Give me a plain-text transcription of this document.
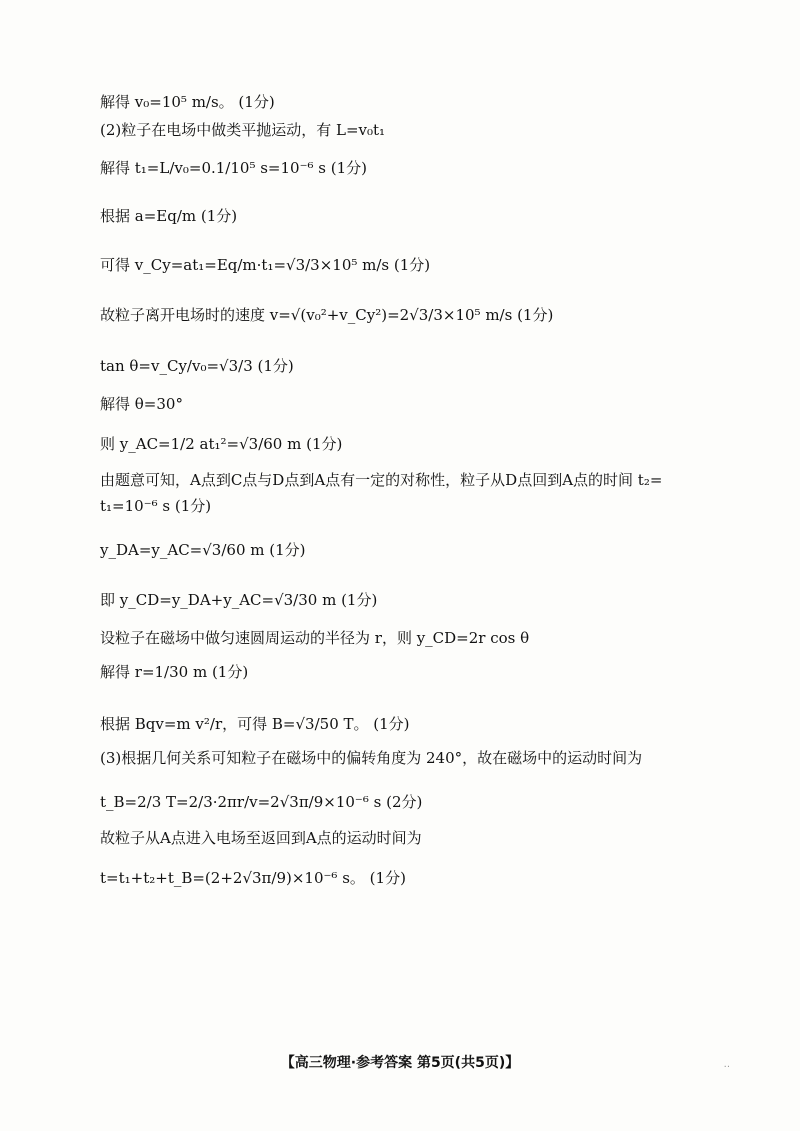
解得 v₀=10⁵ m/s。 (1分)
(2)粒子在电场中做类平抛运动，有 L=v₀t₁
解得 t₁=L/v₀=0.1/10⁵ s=10⁻⁶ s (1分)
根据 a=Eq/m (1分)
可得 v_Cy=at₁=Eq/m·t₁=√3/3×10⁵ m/s (1分)
故粒子离开电场时的速度 v=√(v₀²+v_Cy²)=2√3/3×10⁵ m/s (1分)
tan θ=v_Cy/v₀=√3/3 (1分)
解得 θ=30°
则 y_AC=1/2 at₁²=√3/60 m (1分)
由题意可知，A点到C点与D点到A点有一定的对称性，粒子从D点回到A点的时间 t₂=
t₁=10⁻⁶ s (1分)
y_DA=y_AC=√3/60 m (1分)
即 y_CD=y_DA+y_AC=√3/30 m (1分)
设粒子在磁场中做匀速圆周运动的半径为 r，则 y_CD=2r cos θ
解得 r=1/30 m (1分)
根据 Bqv=m v²/r，可得 B=√3/50 T。 (1分)
(3)根据几何关系可知粒子在磁场中的偏转角度为 240°，故在磁场中的运动时间为
t_B=2/3 T=2/3·2πr/v=2√3π/9×10⁻⁶ s (2分)
故粒子从A点进入电场至返回到A点的运动时间为
t=t₁+t₂+t_B=(2+2√3π/9)×10⁻⁶ s。 (1分)
【高三物理·参考答案 第5页(共5页)】	··
